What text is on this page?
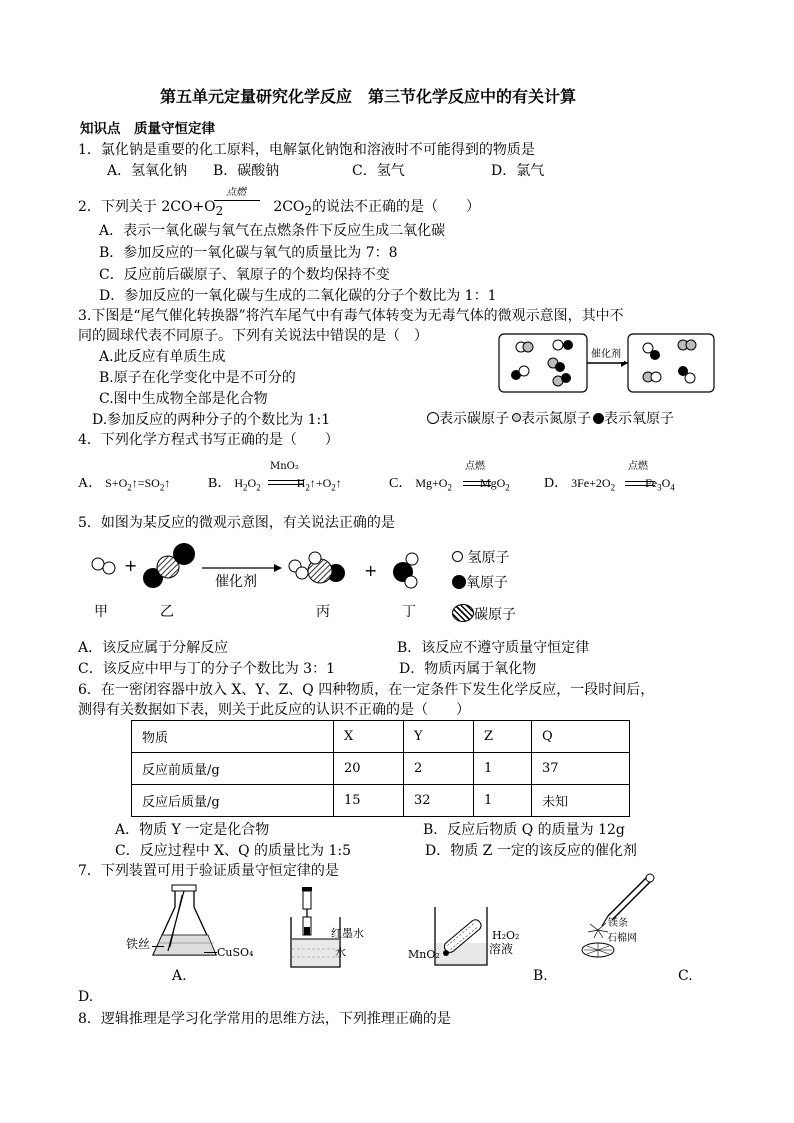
第五单元定量研究化学反应　第三节化学反应中的有关计算
知识点　质量守恒定律
1．氯化钠是重要的化工原料，电解氯化钠饱和溶液时不可能得到的物质是
A．氢氧化钠 B．碳酸钠	C．氢气	D．氯气
2．下列关于 $2CO+O_2$	$2CO_2$的说法不正确的是（　　）
点燃
A．表示一氧化碳与氧气在点燃条件下反应生成二氧化碳
B．参加反应的一氧化碳与氧气的质量比为 7：8
C．反应前后碳原子、氧原子的个数均保持不变
D．参加反应的一氧化碳与生成的二氧化碳的分子个数比为 1：1
3.下图是“尾气催化转换器”将汽车尾气中有毒气体转变为无毒气体的微观示意图，其中不
同的圆球代表不同原子。下列有关说法中错误的是（　）
A.此反应有单质生成
B.原子在化学变化中是不可分的
C.图中生成物全部是化合物
D.参加反应的两种分子的个数比为 1:1
催化剂
表示碳原子 表示氮原子 表示氧原子
4．下列化学方程式书写正确的是（　　）
A． $S+O_2↑=SO_2↑$	B． $H_2O_2$	$H_2↑+O_2↑$
MnO₂
C． $Mg+O_2$ MgO$_2$
点燃
D． $3Fe+2O_2$	$Fe_3O_4$
点燃
5．如图为某反应的微观示意图，有关说法正确的是
+	+
催化剂
甲	乙	丙	丁
氢原子
氧原子
碳原子
A．该反应属于分解反应	B．该反应不遵守质量守恒定律
C．该反应中甲与丁的分子个数比为 3：1	D．物质丙属于氧化物
6．在一密闭容器中放入 X、Y、Z、Q 四种物质，在一定条件下发生化学反应，一段时间后，
测得有关数据如下表，则关于此反应的认识不正确的是（　　）
物质	X	Y	Z	Q
反应前质量/g	20	2	1	37
反应后质量/g	15	32	1	未知
A．物质 Y 一定是化合物	B．反应后物质 Q 的质量为 12g
C．反应过程中 X、Q 的质量比为 1:5	D．物质 Z 一定的该反应的催化剂
7．下列装置可用于验证质量守恒定律的是
铁丝
CuSO₄
A.
红墨水
水	MnO₂
H₂O₂
溶液
B.
镁条
石棉网
C.
D.
8．逻辑推理是学习化学常用的思维方法，下列推理正确的是
